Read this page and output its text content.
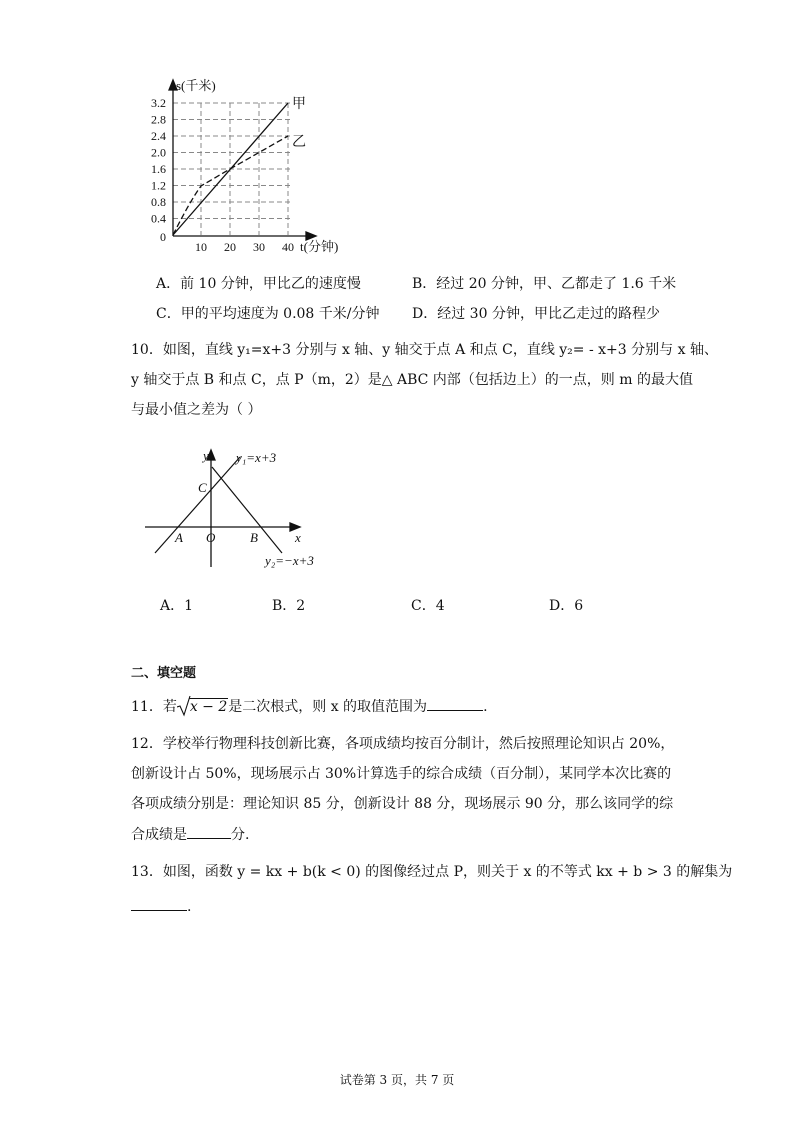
3.2
2.8
2.4
2.0
1.6
1.2
0.8
0.4
0
10 20 30 40
s(千米)
t(分钟)
甲
乙
A．前 10 分钟，甲比乙的速度慢	B．经过 20 分钟，甲、乙都走了 1.6 千米
C．甲的平均速度为 0.08 千米/分钟 D．经过 30 分钟，甲比乙走过的路程少
10．如图，直线 y₁=x+3 分别与 x 轴、y 轴交于点 A 和点 C，直线 y₂= - x+3 分别与 x 轴、
y 轴交于点 B 和点 C，点 P（m，2）是△ ABC 内部（包括边上）的一点，则 m 的最大值
与最小值之差为（ ）
y
x
y₁=x+3
y₂=−x+3
C
A O	B
A．1	B．2	C．4	D．6
二、填空题
11．若 x − 2是二次根式，则 x 的取值范围为	.
12．学校举行物理科技创新比赛，各项成绩均按百分制计，然后按照理论知识占 20%，
创新设计占 50%，现场展示占 30%计算选手的综合成绩（百分制），某同学本次比赛的
各项成绩分别是：理论知识 85 分，创新设计 88 分，现场展示 90 分，那么该同学的综
合成绩是	分.
13．如图，函数 y = kx + b(k < 0) 的图像经过点 P，则关于 x 的不等式 kx + b > 3 的解集为
.
试卷第 3 页，共 7 页
